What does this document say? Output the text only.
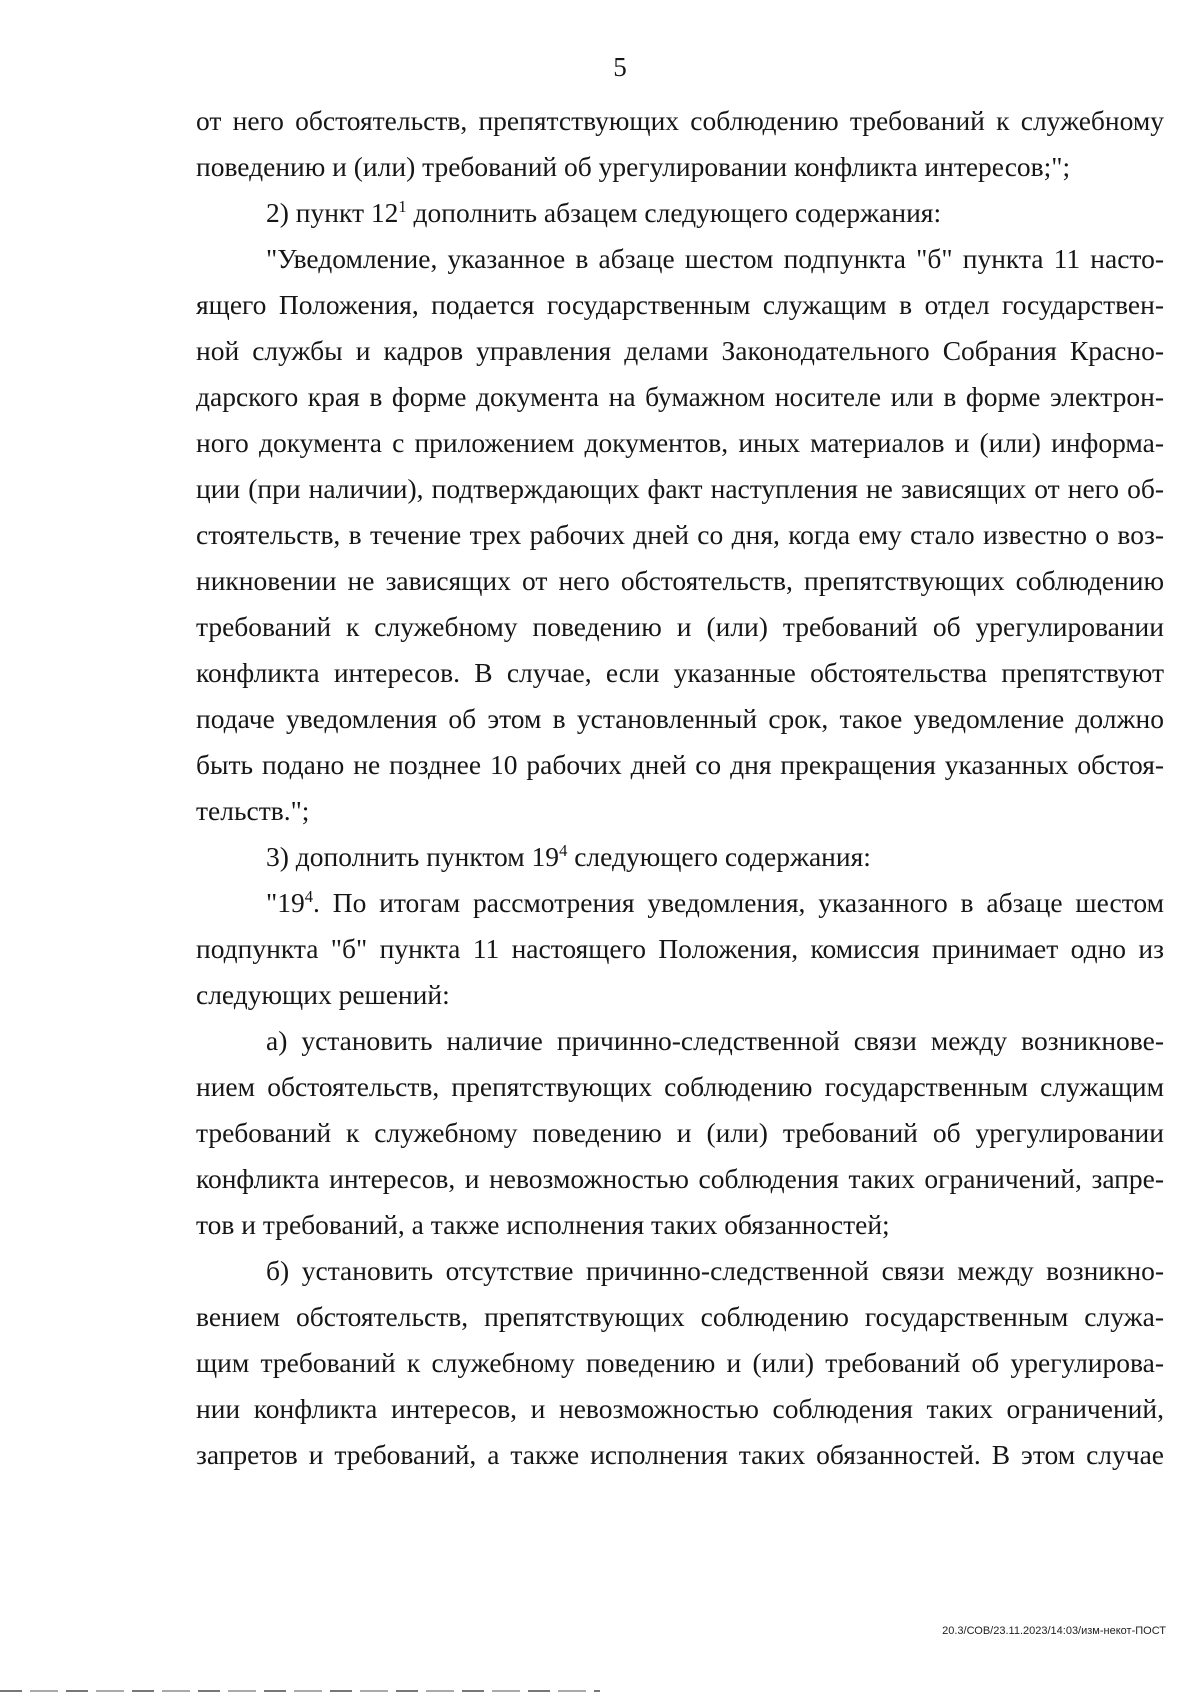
5
от него обстоятельств, препятствующих соблюдению требований к служебному
поведению и (или) требований об урегулировании конфликта интересов;";
2) пункт $12^1$ дополнить абзацем следующего содержания:
"Уведомление, указанное в абзаце шестом подпункта "б" пункта 11 насто-
ящего Положения, подается государственным служащим в отдел государствен-
ной службы и кадров управления делами Законодательного Собрания Красно-
дарского края в форме документа на бумажном носителе или в форме электрон-
ного документа с приложением документов, иных материалов и (или) информа-
ции (при наличии), подтверждающих факт наступления не зависящих от него об-
стоятельств, в течение трех рабочих дней со дня, когда ему стало известно о воз-
никновении не зависящих от него обстоятельств, препятствующих соблюдению
требований к служебному поведению и (или) требований об урегулировании
конфликта интересов. В случае, если указанные обстоятельства препятствуют
подаче уведомления об этом в установленный срок, такое уведомление должно
быть подано не позднее 10 рабочих дней со дня прекращения указанных обстоя-
тельств.";
3) дополнить пунктом $19^4$ следующего содержания:
"$19^4$. По итогам рассмотрения уведомления, указанного в абзаце шестом
подпункта "б" пункта 11 настоящего Положения, комиссия принимает одно из
следующих решений:
а) установить наличие причинно-следственной связи между возникнове-
нием обстоятельств, препятствующих соблюдению государственным служащим
требований к служебному поведению и (или) требований об урегулировании
конфликта интересов, и невозможностью соблюдения таких ограничений, запре-
тов и требований, а также исполнения таких обязанностей;
б) установить отсутствие причинно-следственной связи между возникно-
вением обстоятельств, препятствующих соблюдению государственным служа-
щим требований к служебному поведению и (или) требований об урегулирова-
нии конфликта интересов, и невозможностью соблюдения таких ограничений,
запретов и требований, а также исполнения таких обязанностей. В этом случае
20.3/СОВ/23.11.2023/14:03/изм-некот-ПОСТ
